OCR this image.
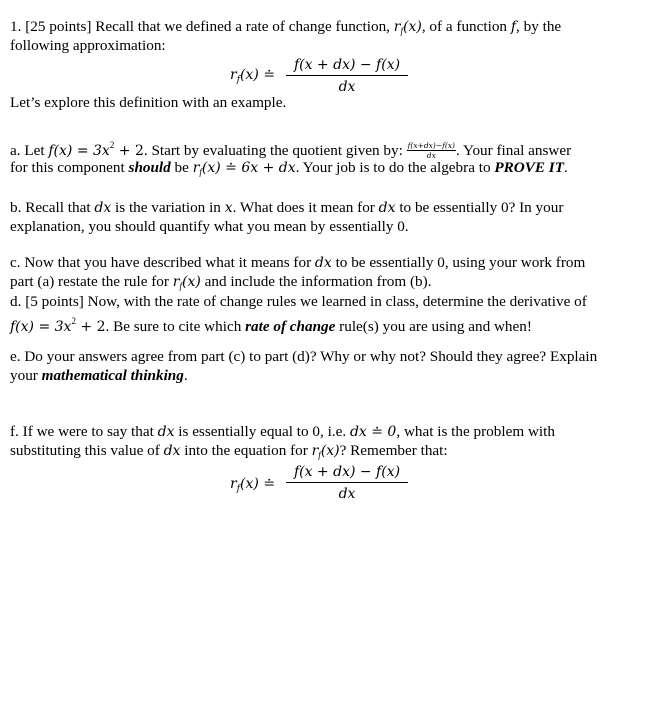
1. [25 points] Recall that we defined a rate of change function, $r_f(x)$, of a function f, by the
following approximation:
$r_f(x)$ ≐ $\frac{f(x + dx) - f(x)}{dx}$
Let’s explore this definition with an example.
a. Let $f(x) = 3x^2 + 2$. Start by evaluating the quotient given by: $\frac{f(x+dx)-f(x)}{dx}$ . Your final answer
for this component should be $r_f(x)$ ≐ 6x + dx. Your job is to do the algebra to PROVE IT.
b. Recall that dx is the variation in x. What does it mean for dx to be essentially 0? In your
explanation, you should quantify what you mean by essentially 0.
c. Now that you have described what it means for dx to be essentially 0, using your work from
part (a) restate the rule for $r_f(x)$ and include the information from (b).
d. [5 points] Now, with the rate of change rules we learned in class, determine the derivative of
$f(x) = 3x^2 + 2$. Be sure to cite which rate of change rule(s) you are using and when!
e. Do your answers agree from part (c) to part (d)? Why or why not? Should they agree? Explain
your mathematical thinking.
f. If we were to say that dx is essentially equal to 0, i.e. dx ≐ 0, what is the problem with
substituting this value of dx into the equation for $r_f(x)$? Remember that:
$r_f(x)$ ≐ $\frac{f(x + dx) - f(x)}{dx}$
